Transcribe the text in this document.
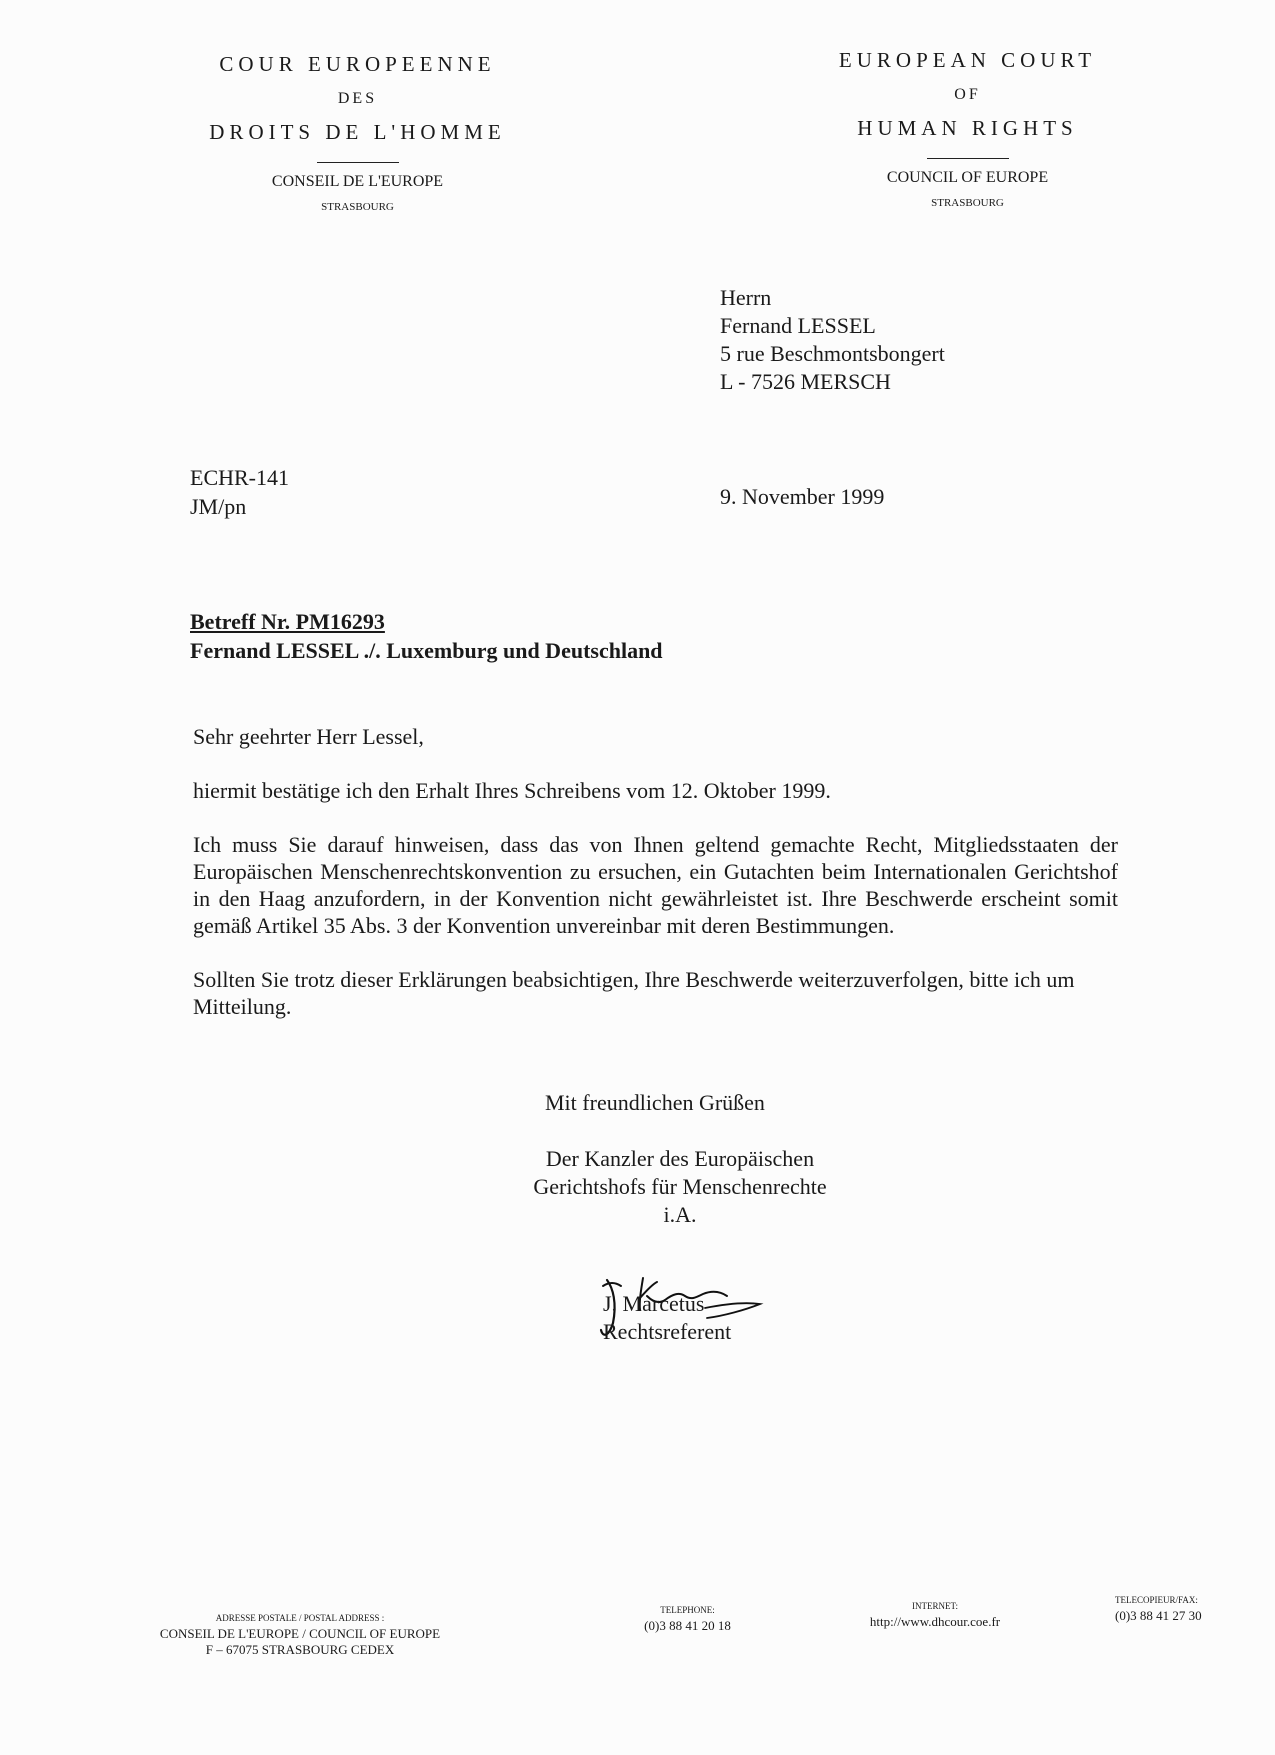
COUR EUROPEENNE

DES

DROITS DE L'HOMME

CONSEIL DE L'EUROPE

STRASBOURG

EUROPEAN COURT

OF

HUMAN RIGHTS

COUNCIL OF EUROPE

STRASBOURG
Herrn
Fernand LESSEL
5 rue Beschmontsbongert
L - 7526 MERSCH
ECHR-141
JM/pn	9. November 1999
Betreff Nr. PM16293
Fernand LESSEL ./. Luxemburg und Deutschland

Sehr geehrter Herr Lessel,

hiermit bestätige ich den Erhalt Ihres Schreibens vom 12. Oktober 1999.

Ich muss Sie darauf hinweisen, dass das von Ihnen geltend gemachte Recht, Mitgliedsstaaten der Europäischen Menschenrechtskonvention zu ersuchen, ein Gutachten beim Internationalen Gerichtshof in den Haag anzufordern, in der Konvention nicht gewährleistet ist. Ihre Beschwerde erscheint somit gemäß Artikel 35 Abs. 3 der Konvention unvereinbar mit deren Bestimmungen.

Sollten Sie trotz dieser Erklärungen beabsichtigen, Ihre Beschwerde weiterzuverfolgen, bitte ich um Mitteilung.

Mit freundlichen Grüßen
Der Kanzler des Europäischen
Gerichtshofs für Menschenrechte
i.A.
J. Marcetus
Rechtsreferent
ADRESSE POSTALE / POSTAL ADDRESS :
CONSEIL DE L'EUROPE / COUNCIL OF EUROPE
F – 67075 STRASBOURG CEDEX
TELEPHONE:
(0)3 88 41 20 18
INTERNET:
http://www.dhcour.coe.fr
TELECOPIEUR/FAX:
(0)3 88 41 27 30
